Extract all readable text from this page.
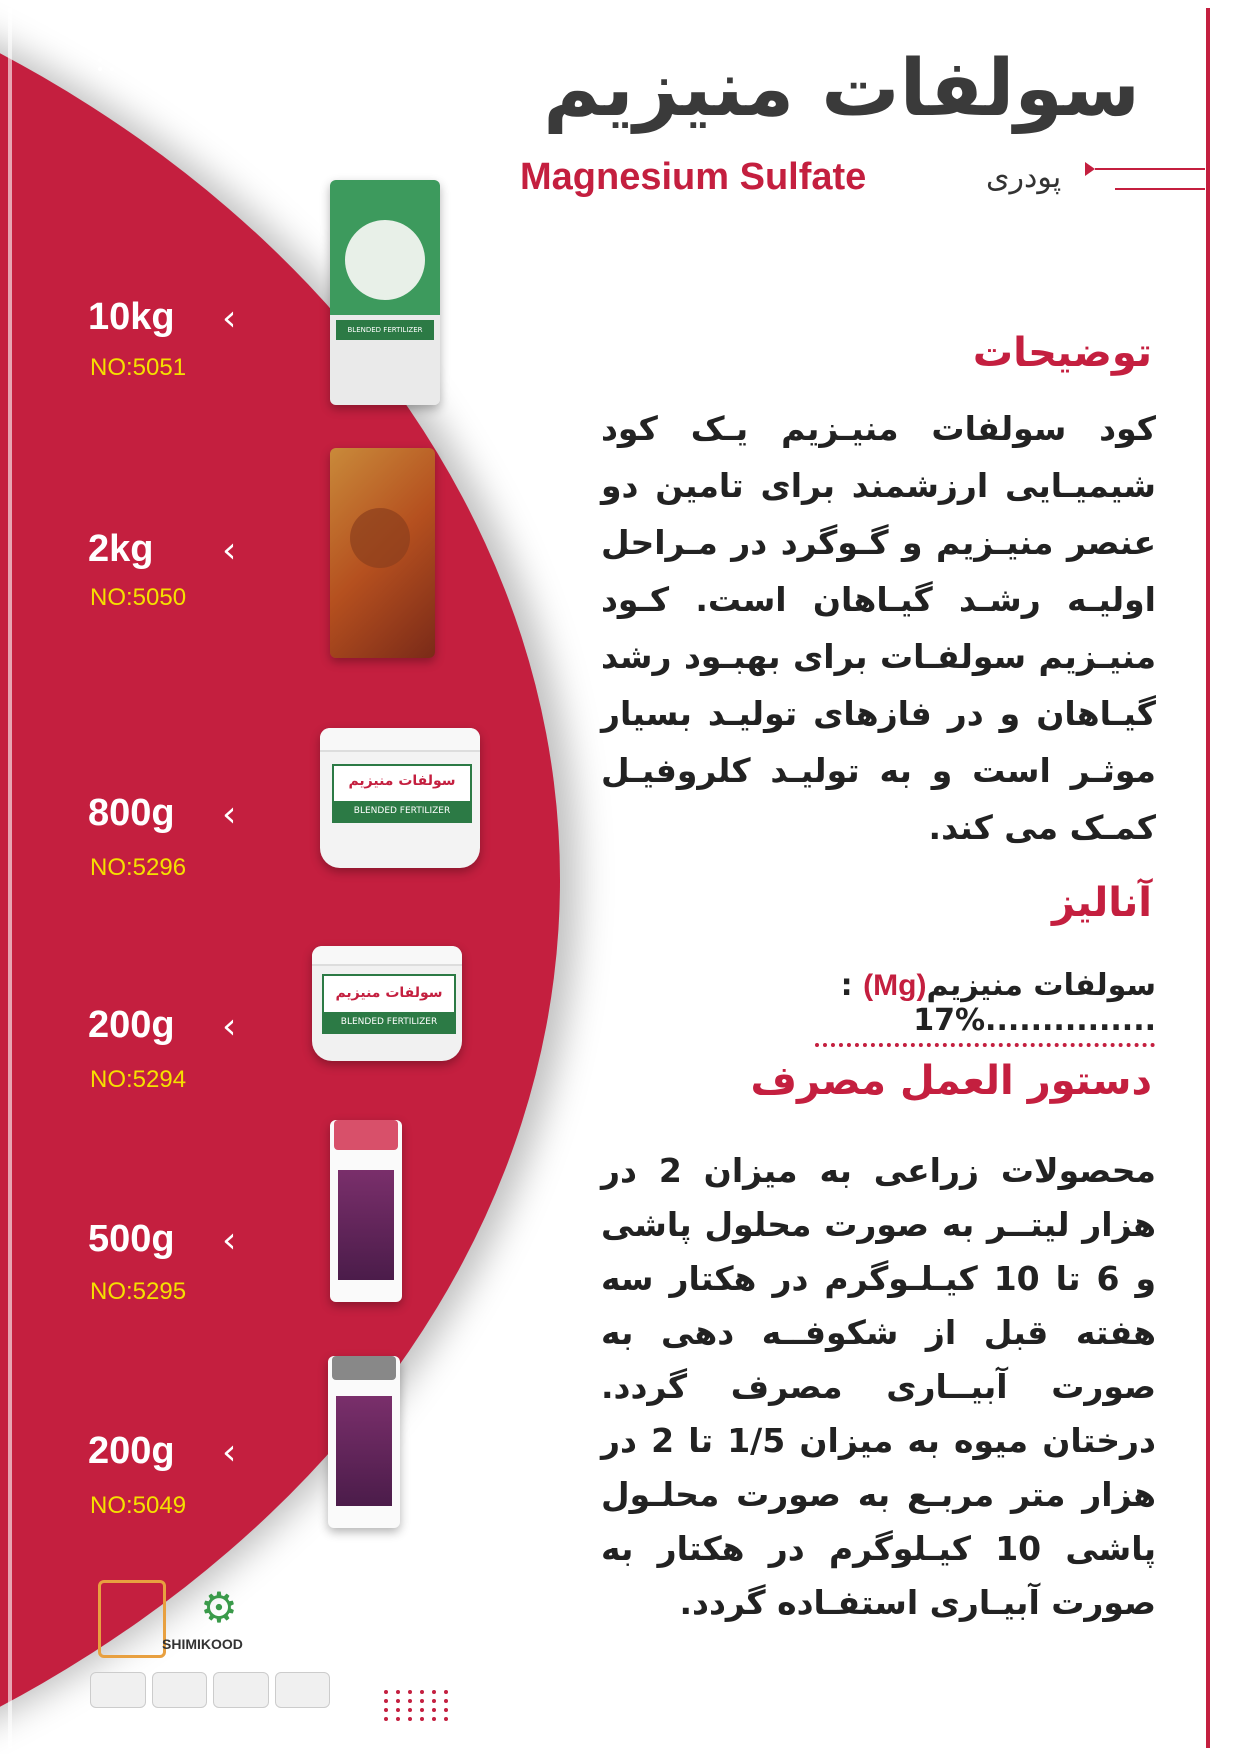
سولفات منیزیم
Magnesium Sulfate	پودری
10kg ‹
NO:5051
BLENDED FERTILIZER
2kg ‹
NO:5050
800g ‹
NO:5296
سولفات منیزیم
BLENDED FERTILIZER
200g ‹
NO:5294
سولفات منیزیم
BLENDED FERTILIZER
500g ‹
NO:5295
200g ‹
NO:5049
⚙
SHIMIKOOD
توضیحات
کود سولفات منیـزیم یـک کود شیمیـایی ارزشمند برای تامین دو عنصر منیـزیم و گـوگرد در مـراحل اولیـه رشـد گیـاهان است. کـود منیـزیم سولفـات برای بهبـود رشد گیـاهان و در فازهای تولیـد بسیار موثـر است و به تولیـد کلروفیـل کمـک می کند.
آنالیز
سولفات منیزیم(Mg) : ...............17%
دستور العمل مصرف
محصولات زراعی به میزان 2 در هزار لیتــر به صورت محلول پاشی و 6 تا 10 کیـلـوگرم در هکتار سه هفته قبل از شکوفــه دهی به صورت آبیــاری مصرف گردد. درختان میوه به میزان 1/5 تا 2 در هزار متر مربـع به صورت محلـول پاشی 10 کیـلوگرم در هکتار به صورت آبیـاری استفـاده گردد.
